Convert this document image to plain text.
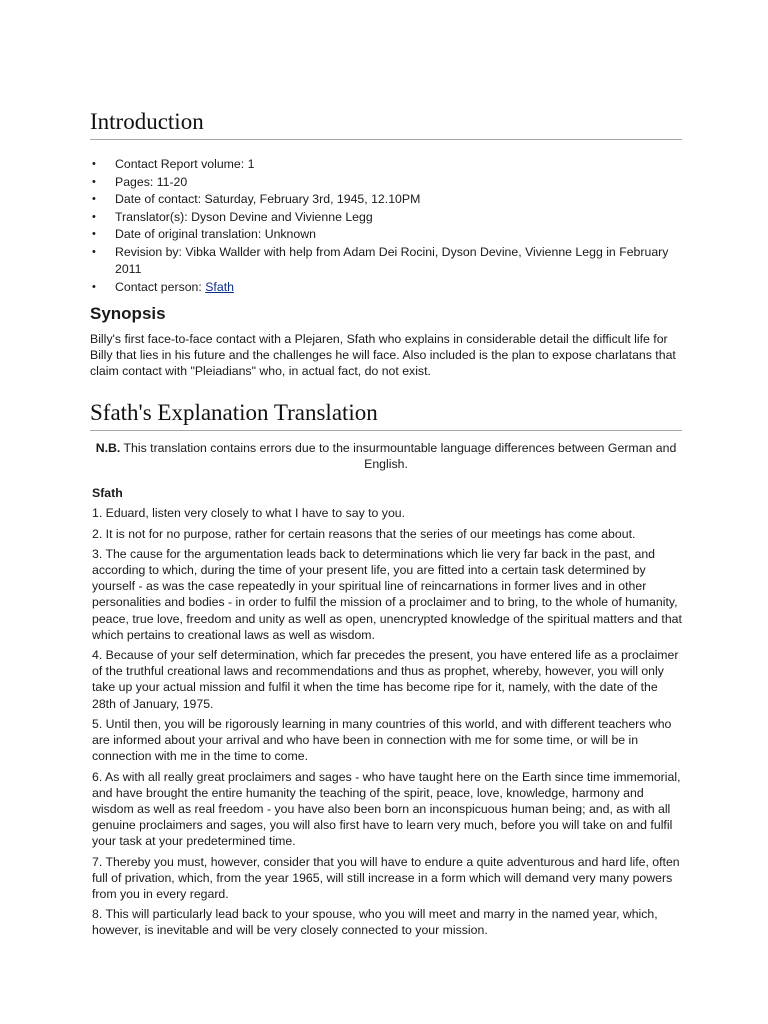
Introduction
• Contact Report volume: 1
• Pages: 11-20
• Date of contact: Saturday, February 3rd, 1945, 12.10PM
• Translator(s): Dyson Devine and Vivienne Legg
• Date of original translation: Unknown
• Revision by: Vibka Wallder with help from Adam Dei Rocini, Dyson Devine, Vivienne Legg in February 2011
• Contact person: Sfath
Synopsis

Billy's first face-to-face contact with a Plejaren, Sfath who explains in considerable detail the difficult life for Billy that lies in his future and the challenges he will face. Also included is the plan to expose charlatans that claim contact with "Pleiadians" who, in actual fact, do not exist.

Sfath's Explanation Translation

N.B. This translation contains errors due to the insurmountable language differences between German and English.

Sfath

1. Eduard, listen very closely to what I have to say to you.

2. It is not for no purpose, rather for certain reasons that the series of our meetings has come about.

3. The cause for the argumentation leads back to determinations which lie very far back in the past, and according to which, during the time of your present life, you are fitted into a certain task determined by yourself - as was the case repeatedly in your spiritual line of reincarnations in former lives and in other personalities and bodies - in order to fulfil the mission of a proclaimer and to bring, to the whole of humanity, peace, true love, freedom and unity as well as open, unencrypted knowledge of the spiritual matters and that which pertains to creational laws as well as wisdom.

4. Because of your self determination, which far precedes the present, you have entered life as a proclaimer of the truthful creational laws and recommendations and thus as prophet, whereby, however, you will only take up your actual mission and fulfil it when the time has become ripe for it, namely, with the date of the 28th of January, 1975.

5. Until then, you will be rigorously learning in many countries of this world, and with different teachers who are informed about your arrival and who have been in connection with me for some time, or will be in connection with me in the time to come.

6. As with all really great proclaimers and sages - who have taught here on the Earth since time immemorial, and have brought the entire humanity the teaching of the spirit, peace, love, knowledge, harmony and wisdom as well as real freedom - you have also been born an inconspicuous human being; and, as with all genuine proclaimers and sages, you will also first have to learn very much, before you will take on and fulfil your task at your predetermined time.

7. Thereby you must, however, consider that you will have to endure a quite adventurous and hard life, often full of privation, which, from the year 1965, will still increase in a form which will demand very many powers from you in every regard.

8. This will particularly lead back to your spouse, who you will meet and marry in the named year, which, however, is inevitable and will be very closely connected to your mission.
